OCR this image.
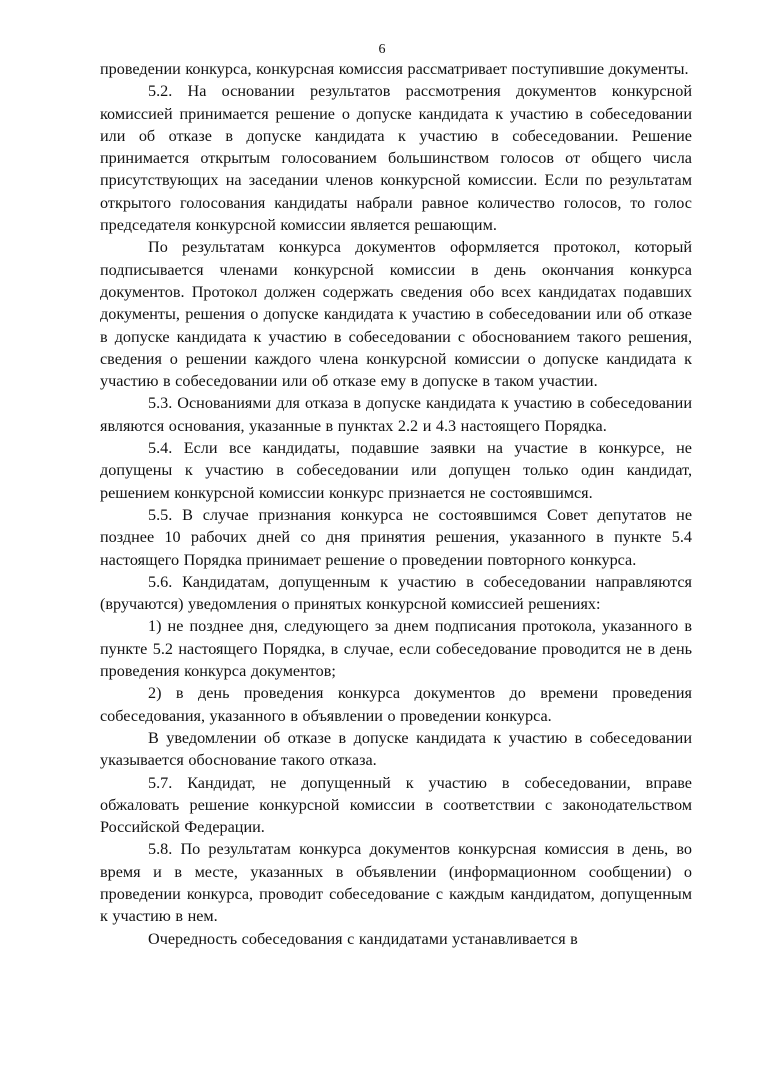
6

проведении конкурса, конкурсная комиссия рассматривает поступившие документы.

5.2. На основании результатов рассмотрения документов конкурсной комиссией принимается решение о допуске кандидата к участию в собеседовании или об отказе в допуске кандидата к участию в собеседовании. Решение принимается открытым голосованием большинством голосов от общего числа присутствующих на заседании членов конкурсной комиссии. Если по результатам открытого голосования кандидаты набрали равное количество голосов, то голос председателя конкурсной комиссии является решающим.

По результатам конкурса документов оформляется протокол, который подписывается членами конкурсной комиссии в день окончания конкурса документов. Протокол должен содержать сведения обо всех кандидатах подавших документы, решения о допуске кандидата к участию в собеседовании или об отказе в допуске кандидата к участию в собеседовании с обоснованием такого решения, сведения о решении каждого члена конкурсной комиссии о допуске кандидата к участию в собеседовании или об отказе ему в допуске в таком участии.

5.3. Основаниями для отказа в допуске кандидата к участию в собеседовании являются основания, указанные в пунктах 2.2 и 4.3 настоящего Порядка.

5.4. Если все кандидаты, подавшие заявки на участие в конкурсе, не допущены к участию в собеседовании или допущен только один кандидат, решением конкурсной комиссии конкурс признается не состоявшимся.

5.5. В случае признания конкурса не состоявшимся Совет депутатов не позднее 10 рабочих дней со дня принятия решения, указанного в пункте 5.4 настоящего Порядка принимает решение о проведении повторного конкурса.

5.6. Кандидатам, допущенным к участию в собеседовании направляются (вручаются) уведомления о принятых конкурсной комиссией решениях:

1) не позднее дня, следующего за днем подписания протокола, указанного в пункте 5.2 настоящего Порядка, в случае, если собеседование проводится не в день проведения конкурса документов;

2) в день проведения конкурса документов до времени проведения собеседования, указанного в объявлении о проведении конкурса.

В уведомлении об отказе в допуске кандидата к участию в собеседовании указывается обоснование такого отказа.

5.7. Кандидат, не допущенный к участию в собеседовании, вправе обжаловать решение конкурсной комиссии в соответствии с законодательством Российской Федерации.

5.8. По результатам конкурса документов конкурсная комиссия в день, во время и в месте, указанных в объявлении (информационном сообщении) о проведении конкурса, проводит собеседование с каждым кандидатом, допущенным к участию в нем.

Очередность собеседования с кандидатами устанавливается в
